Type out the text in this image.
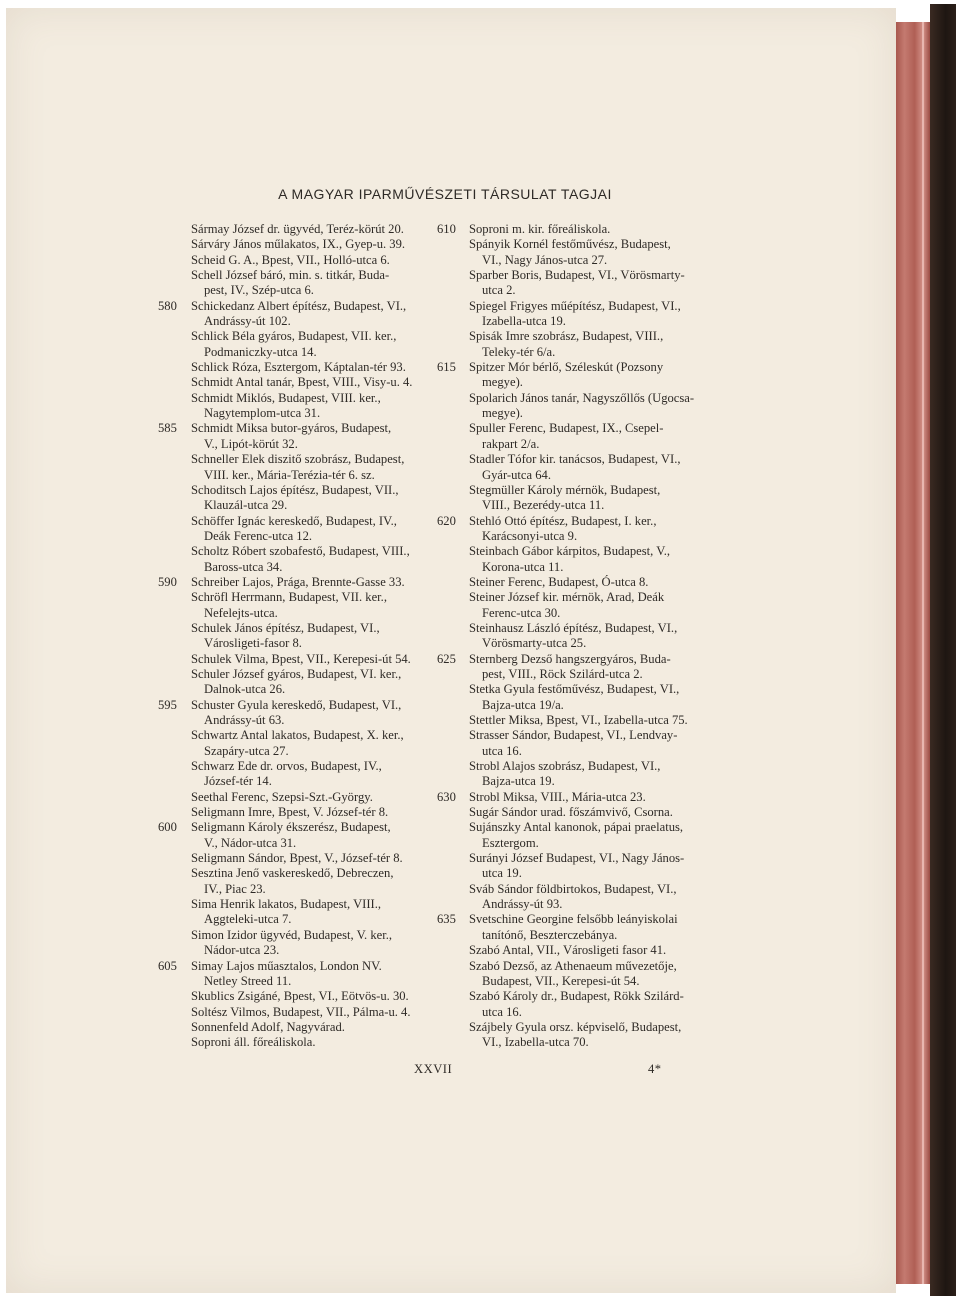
A MAGYAR IPARMŰVÉSZETI TÁRSULAT TAGJAI
Sármay József dr. ügyvéd, Teréz-körút 20.
Sárváry János műlakatos, IX., Gyep-u. 39.
Scheid G. A., Bpest, VII., Holló-utca 6.
Schell József báró, min. s. titkár, Buda-
pest, IV., Szép-utca 6.
580 Schickedanz Albert építész, Budapest, VI.,
Andrássy-út 102.
Schlick Béla gyáros, Budapest, VII. ker.,
Podmaniczky-utca 14.
Schlick Róza, Esztergom, Káptalan-tér 93.
Schmidt Antal tanár, Bpest, VIII., Visy-u. 4.
Schmidt Miklós, Budapest, VIII. ker.,
Nagytemplom-utca 31.
585 Schmidt Miksa butor-gyáros, Budapest,
V., Lipót-körút 32.
Schneller Elek diszitő szobrász, Budapest,
VIII. ker., Mária-Terézia-tér 6. sz.
Schoditsch Lajos építész, Budapest, VII.,
Klauzál-utca 29.
Schöffer Ignác kereskedő, Budapest, IV.,
Deák Ferenc-utca 12.
Scholtz Róbert szobafestő, Budapest, VIII.,
Baross-utca 34.
590 Schreiber Lajos, Prága, Brennte-Gasse 33.
Schröfl Herrmann, Budapest, VII. ker.,
Nefelejts-utca.
Schulek János építész, Budapest, VI.,
Városligeti-fasor 8.
Schulek Vilma, Bpest, VII., Kerepesi-út 54.
Schuler József gyáros, Budapest, VI. ker.,
Dalnok-utca 26.
595 Schuster Gyula kereskedő, Budapest, VI.,
Andrássy-út 63.
Schwartz Antal lakatos, Budapest, X. ker.,
Szapáry-utca 27.
Schwarz Ede dr. orvos, Budapest, IV.,
József-tér 14.
Seethal Ferenc, Szepsi-Szt.-György.
Seligmann Imre, Bpest, V. József-tér 8.
600 Seligmann Károly ékszerész, Budapest,
V., Nádor-utca 31.
Seligmann Sándor, Bpest, V., József-tér 8.
Sesztina Jenő vaskereskedő, Debreczen,
IV., Piac 23.
Sima Henrik lakatos, Budapest, VIII.,
Aggteleki-utca 7.
Simon Izidor ügyvéd, Budapest, V. ker.,
Nádor-utca 23.
605 Simay Lajos műasztalos, London NV.
Netley Streed 11.
Skublics Zsigáné, Bpest, VI., Eötvös-u. 30.
Soltész Vilmos, Budapest, VII., Pálma-u. 4.
Sonnenfeld Adolf, Nagyvárad.
Soproni áll. főreáliskola.
610 Soproni m. kir. főreáliskola.
Spányik Kornél festőművész, Budapest,
VI., Nagy János-utca 27.
Sparber Boris, Budapest, VI., Vörösmarty-
utca 2.
Spiegel Frigyes műépítész, Budapest, VI.,
Izabella-utca 19.
Spisák Imre szobrász, Budapest, VIII.,
Teleky-tér 6/a.
615 Spitzer Mór bérlő, Széleskút (Pozsony
megye).
Spolarich János tanár, Nagyszőllős (Ugocsa-
megye).
Spuller Ferenc, Budapest, IX., Csepel-
rakpart 2/a.
Stadler Tófor kir. tanácsos, Budapest, VI.,
Gyár-utca 64.
Stegmüller Károly mérnök, Budapest,
VIII., Bezerédy-utca 11.
620 Stehló Ottó építész, Budapest, I. ker.,
Karácsonyi-utca 9.
Steinbach Gábor kárpitos, Budapest, V.,
Korona-utca 11.
Steiner Ferenc, Budapest, Ó-utca 8.
Steiner József kir. mérnök, Arad, Deák
Ferenc-utca 30.
Steinhausz László építész, Budapest, VI.,
Vörösmarty-utca 25.
625 Sternberg Dezső hangszergyáros, Buda-
pest, VIII., Röck Szilárd-utca 2.
Stetka Gyula festőművész, Budapest, VI.,
Bajza-utca 19/a.
Stettler Miksa, Bpest, VI., Izabella-utca 75.
Strasser Sándor, Budapest, VI., Lendvay-
utca 16.
Strobl Alajos szobrász, Budapest, VI.,
Bajza-utca 19.
630 Strobl Miksa, VIII., Mária-utca 23.
Sugár Sándor urad. főszámvivő, Csorna.
Sujánszky Antal kanonok, pápai praelatus,
Esztergom.
Surányi József Budapest, VI., Nagy János-
utca 19.
Sváb Sándor földbirtokos, Budapest, VI.,
Andrássy-út 93.
635 Svetschine Georgine felsőbb leányiskolai
tanítónő, Beszterczebánya.
Szabó Antal, VII., Városligeti fasor 41.
Szabó Dezső, az Athenaeum művezetője,
Budapest, VII., Kerepesi-út 54.
Szabó Károly dr., Budapest, Rökk Szilárd-
utca 16.
Szájbely Gyula orsz. képviselő, Budapest,
VI., Izabella-utca 70.
XXVII	4*
